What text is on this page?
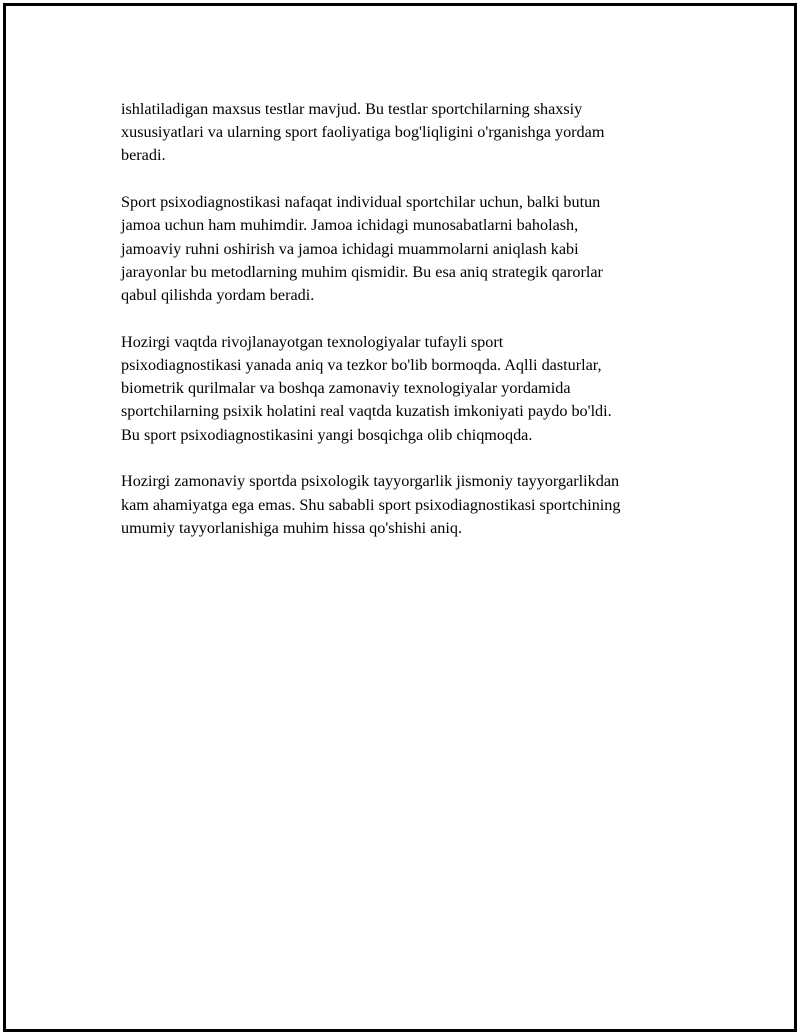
ishlatiladigan maxsus testlar mavjud. Bu testlar sportchilarning shaxsiy
xususiyatlari va ularning sport faoliyatiga bog'liqligini o'rganishga yordam
beradi.

Sport psixodiagnostikasi nafaqat individual sportchilar uchun, balki butun
jamoa uchun ham muhimdir. Jamoa ichidagi munosabatlarni baholash,
jamoaviy ruhni oshirish va jamoa ichidagi muammolarni aniqlash kabi
jarayonlar bu metodlarning muhim qismidir. Bu esa aniq strategik qarorlar
qabul qilishda yordam beradi.

Hozirgi vaqtda rivojlanayotgan texnologiyalar tufayli sport
psixodiagnostikasi yanada aniq va tezkor bo'lib bormoqda. Aqlli dasturlar,
biometrik qurilmalar va boshqa zamonaviy texnologiyalar yordamida
sportchilarning psixik holatini real vaqtda kuzatish imkoniyati paydo bo'ldi.
Bu sport psixodiagnostikasini yangi bosqichga olib chiqmoqda.

Hozirgi zamonaviy sportda psixologik tayyorgarlik jismoniy tayyorgarlikdan
kam ahamiyatga ega emas. Shu sababli sport psixodiagnostikasi sportchining
umumiy tayyorlanishiga muhim hissa qo'shishi aniq.
